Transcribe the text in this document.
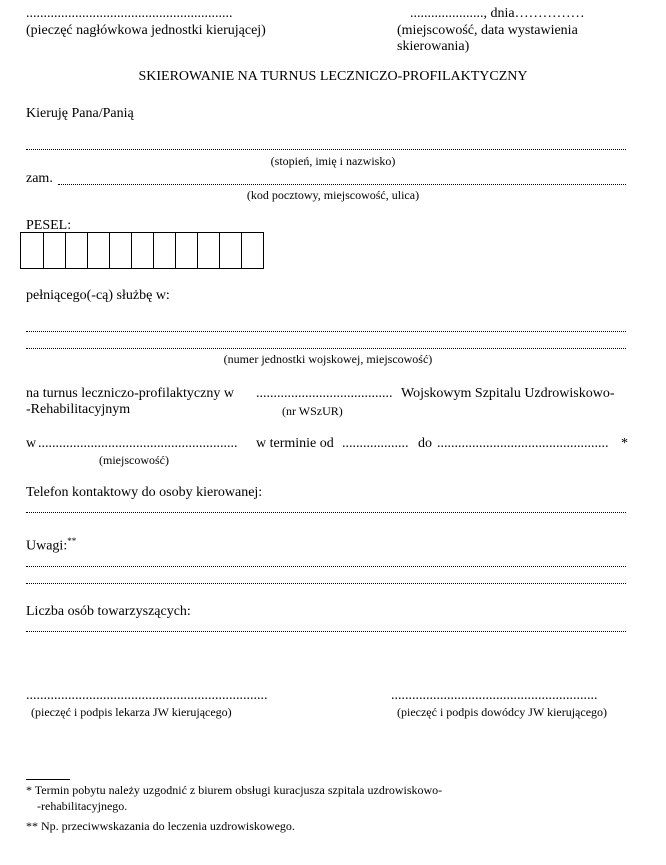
...........................................................
(pieczęć nagłówkowa jednostki kierującej)
....................., dnia……………
(miejscowość, data wystawienia
skierowania)
SKIEROWANIE NA TURNUS LECZNICZO-PROFILAKTYCZNY
Kieruję Pana/Panią
(stopień, imię i nazwisko)
zam.
(kod pocztowy, miejscowość, ulica)
PESEL:
pełniącego(-cą) służbę w:
(numer jednostki wojskowej, miejscowość)
na turnus leczniczo-profilaktyczny w ....................................... Wojskowym Szpitalu Uzdrowiskowo-
-Rehabilitacyjnym	(nr WSzUR)
w ......................................................... w terminie od ................... do ................................................. *
(miejscowość)
Telefon kontaktowy do osoby kierowanej:
Uwagi:**
Liczba osób towarzyszących:
.....................................................................
(pieczęć i podpis lekarza JW kierującego)
...........................................................
(pieczęć i podpis dowódcy JW kierującego)
* Termin pobytu należy uzgodnić z biurem obsługi kuracjusza szpitala uzdrowiskowo-
-rehabilitacyjnego.
** Np. przeciwwskazania do leczenia uzdrowiskowego.
